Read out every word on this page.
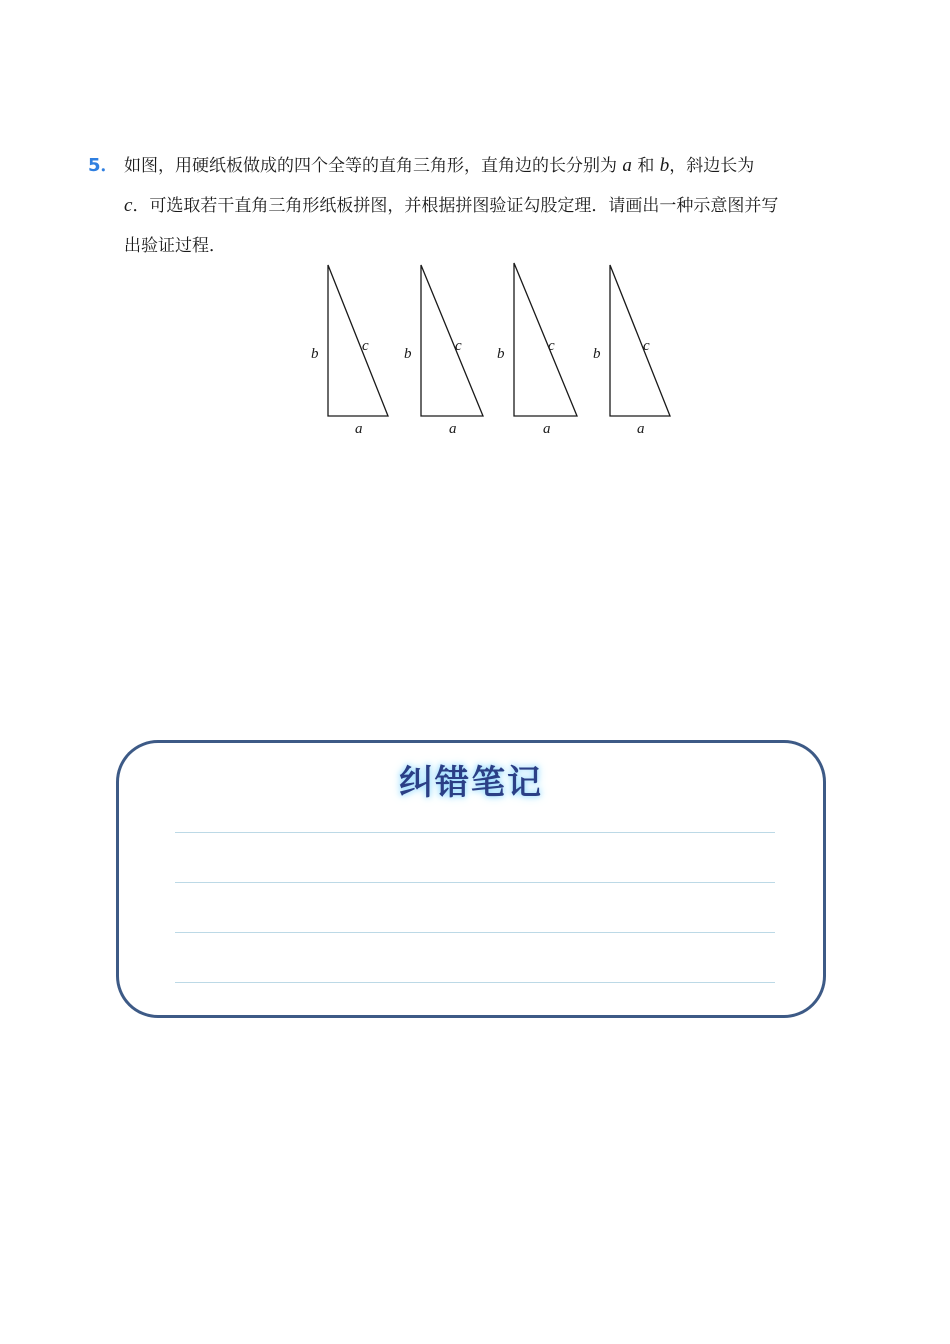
5． 如图，用硬纸板做成的四个全等的直角三角形，直角边的长分别为 a 和 b，斜边长为
c．可选取若干直角三角形纸板拼图，并根据拼图验证勾股定理．请画出一种示意图并写
出验证过程．
b	c
a
b	c
a
b	c
a
b	c
a
纠错笔记
